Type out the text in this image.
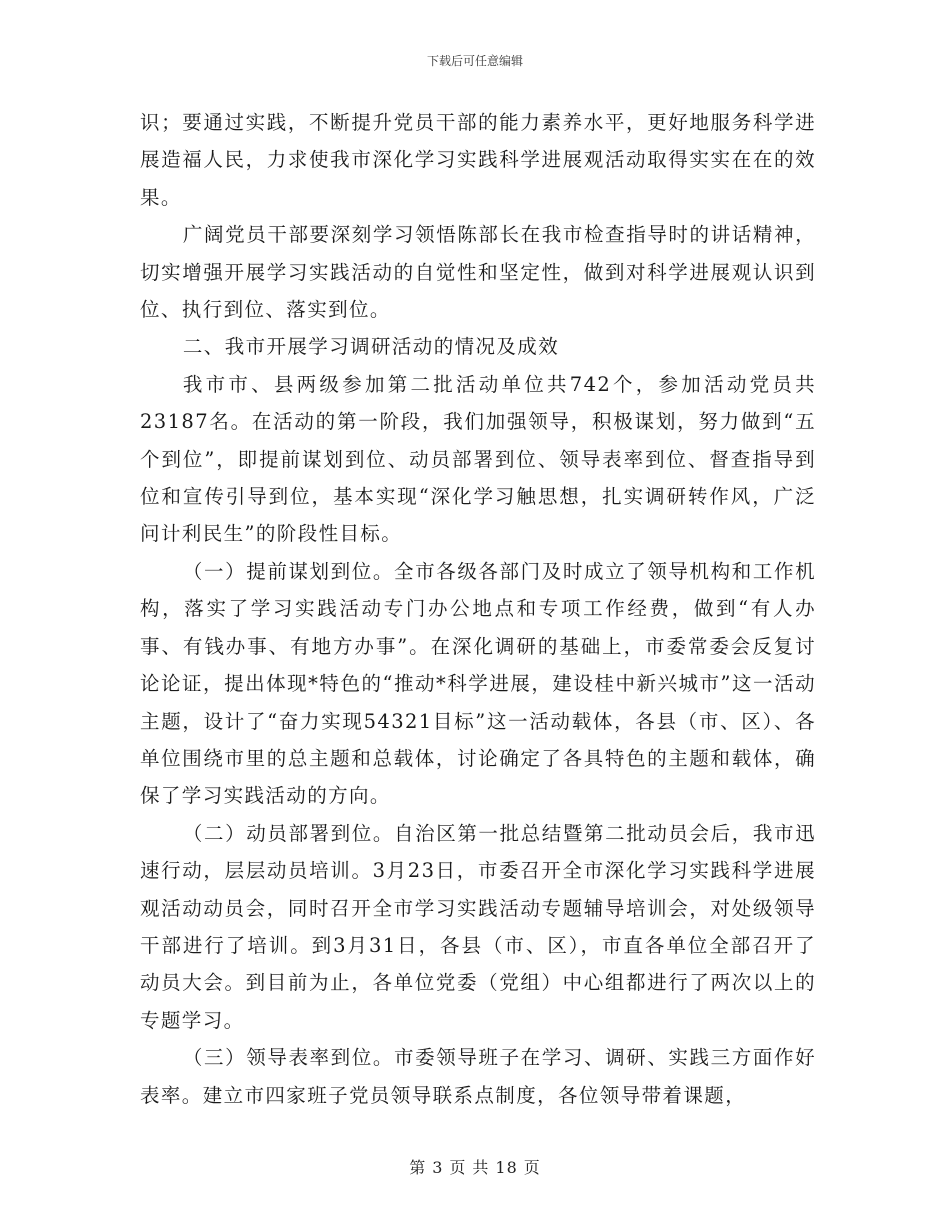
下载后可任意编辑

识；要通过实践，不断提升党员干部的能力素养水平，更好地服务科学进展造福人民，力求使我市深化学习实践科学进展观活动取得实实在在的效果。

广阔党员干部要深刻学习领悟陈部长在我市检查指导时的讲话精神，切实增强开展学习实践活动的自觉性和坚定性，做到对科学进展观认识到位、执行到位、落实到位。

二、我市开展学习调研活动的情况及成效

我市市、县两级参加第二批活动单位共742个，参加活动党员共23187名。在活动的第一阶段，我们加强领导，积极谋划，努力做到“五个到位”，即提前谋划到位、动员部署到位、领导表率到位、督查指导到位和宣传引导到位，基本实现“深化学习触思想，扎实调研转作风，广泛问计利民生”的阶段性目标。

（一）提前谋划到位。全市各级各部门及时成立了领导机构和工作机构，落实了学习实践活动专门办公地点和专项工作经费，做到“有人办事、有钱办事、有地方办事”。在深化调研的基础上，市委常委会反复讨论论证，提出体现*特色的“推动*科学进展，建设桂中新兴城市”这一活动主题，设计了“奋力实现54321目标”这一活动载体，各县（市、区）、各单位围绕市里的总主题和总载体，讨论确定了各具特色的主题和载体，确保了学习实践活动的方向。

（二）动员部署到位。自治区第一批总结暨第二批动员会后，我市迅速行动，层层动员培训。3月23日，市委召开全市深化学习实践科学进展观活动动员会，同时召开全市学习实践活动专题辅导培训会，对处级领导干部进行了培训。到3月31日，各县（市、区），市直各单位全部召开了动员大会。到目前为止，各单位党委（党组）中心组都进行了两次以上的专题学习。

（三）领导表率到位。市委领导班子在学习、调研、实践三方面作好表率。建立市四家班子党员领导联系点制度，各位领导带着课题，

第 3 页 共 18 页
